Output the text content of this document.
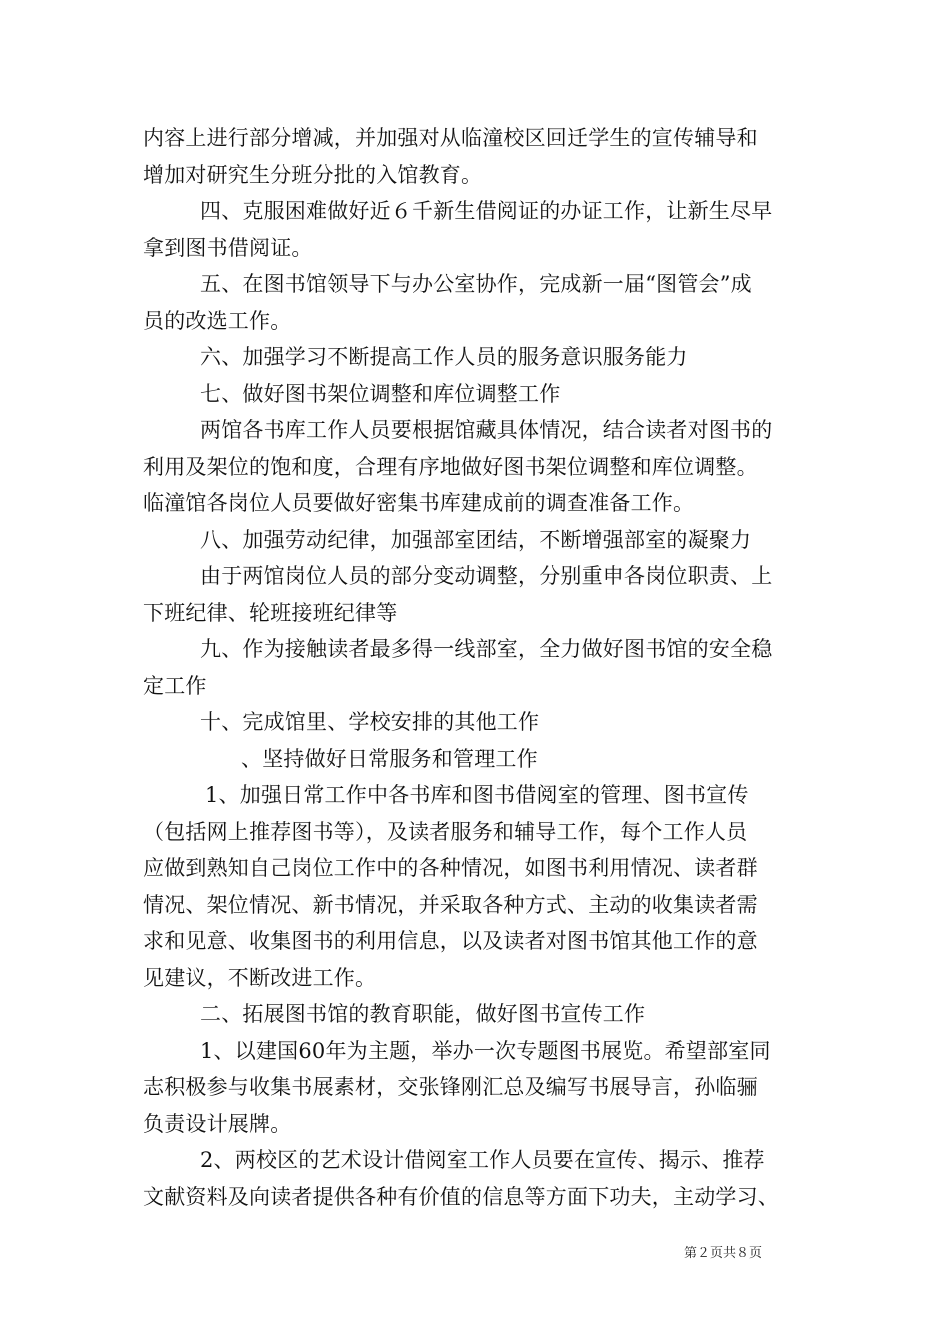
内容上进行部分增减，并加强对从临潼校区回迁学生的宣传辅导和
增加对研究生分班分批的入馆教育。
四、克服困难做好近６千新生借阅证的办证工作，让新生尽早
拿到图书借阅证。
五、在图书馆领导下与办公室协作，完成新一届“图管会”成
员的改选工作。
六、加强学习不断提高工作人员的服务意识服务能力
七、做好图书架位调整和库位调整工作
两馆各书库工作人员要根据馆藏具体情况，结合读者对图书的
利用及架位的饱和度，合理有序地做好图书架位调整和库位调整。
临潼馆各岗位人员要做好密集书库建成前的调查准备工作。
八、加强劳动纪律，加强部室团结，不断增强部室的凝聚力
由于两馆岗位人员的部分变动调整，分别重申各岗位职责、上
下班纪律、轮班接班纪律等
九、作为接触读者最多得一线部室，全力做好图书馆的安全稳
定工作
十、完成馆里、学校安排的其他工作
、坚持做好日常服务和管理工作
1、加强日常工作中各书库和图书借阅室的管理、图书宣传
（包括网上推荐图书等），及读者服务和辅导工作，每个工作人员
应做到熟知自己岗位工作中的各种情况，如图书利用情况、读者群
情况、架位情况、新书情况，并采取各种方式、主动的收集读者需
求和见意、收集图书的利用信息，以及读者对图书馆其他工作的意
见建议，不断改进工作。
二、拓展图书馆的教育职能，做好图书宣传工作
1、以建国60年为主题，举办一次专题图书展览。希望部室同
志积极参与收集书展素材，交张锋刚汇总及编写书展导言，孙临骊
负责设计展牌。
2、两校区的艺术设计借阅室工作人员要在宣传、揭示、推荐
文献资料及向读者提供各种有价值的信息等方面下功夫，主动学习、
第２页共８页
